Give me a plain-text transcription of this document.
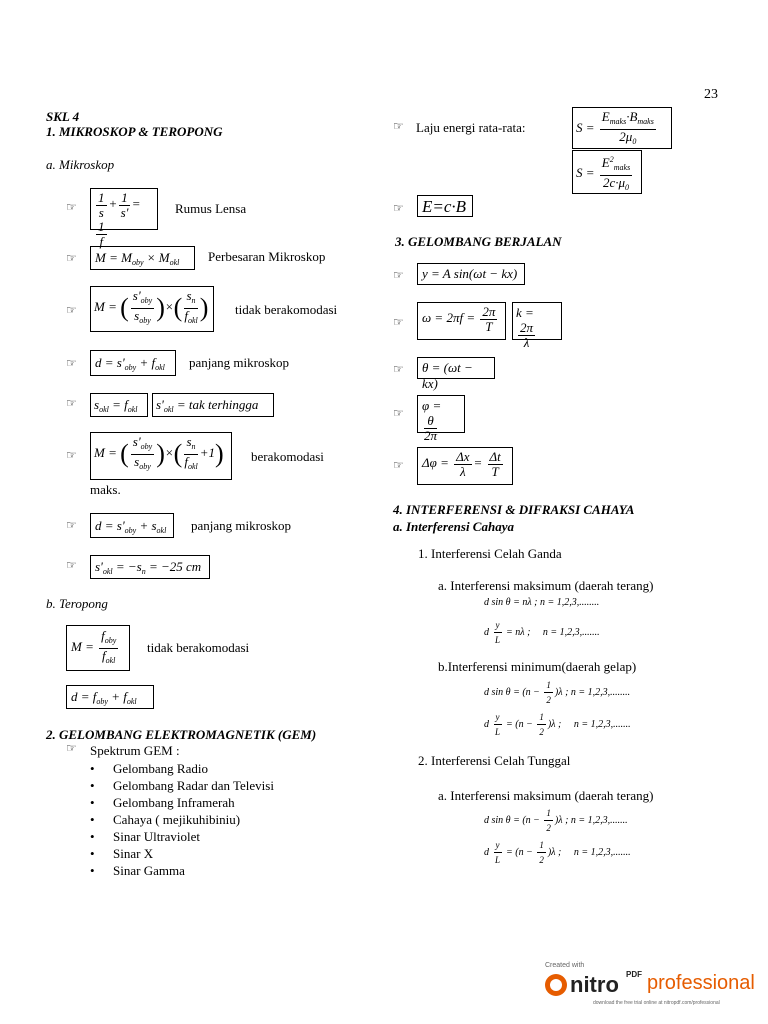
23
SKL 4
1. MIKROSKOP & TEROPONG
a. Mikroskop
☞ $\frac{1}{s} + \frac{1}{s'}$ =
$\frac{1}{f}$
Rumus Lensa
☞	$M = M_{oby} \times M_{okl}$	Perbesaran Mikroskop
☞	M = ( $\frac{s'_{oby}}{s_{oby}}$ )×( $\frac{s_n}{f_{okl}}$ )	tidak berakomodasi
☞	$d = s'_{oby} + f_{okl}$	panjang mikroskop
☞	$s_{okl} = f_{okl}$	$s'_{okl}$ = tak terhingga
☞	M = ( $\frac{s'_{oby}}{s_{oby}}$ )×( $\frac{s_n}{f_{okl}} +1$)	berakomodasi
maks.
☞	$d = s'_{oby} + s_{okl}$	panjang mikroskop
☞	$s'_{okl} = -s_n = -25$ cm
b. Teropong
$M = \frac{f_{oby}}{f_{okl}}$ tidak berakomodasi
$d = f_{oby} + f_{okl}$
2. GELOMBANG ELEKTROMAGNETIK (GEM)
☞ Spektrum GEM :
• Gelombang Radio
• Gelombang Radar dan Televisi
• Gelombang Inframerah
• Cahaya ( mejikuhibiniu)
• Sinar Ultraviolet
• Sinar X
• Sinar Gamma
☞ Laju energi rata-rata:	$S = \frac{E_{maks}\cdot B_{maks}}{2\mu_0}$
$S = \frac{E^2_{maks}}{2c\cdot\mu_0}$
☞ E=c·B
3. GELOMBANG BERJALAN
☞	y = A sin(ωt − kx)
☞	$\omega = 2\pi f = \frac{2\pi}{T}$	k =
$\frac{2\pi}{\lambda}$
☞	θ = (ωt − kx)
☞	φ =
$\frac{\theta}{2\pi}$
☞	$\Delta\varphi = \frac{\Delta x}{\lambda} = \frac{\Delta t}{T}$
4. INTERFERENSI & DIFRAKSI CAHAYA
a. Interferensi Cahaya
1. Interferensi Celah Ganda
a. Interferensi maksimum (daerah terang)
d sin θ = nλ ; n = 1,2,3,........
d $\frac{y}{L} = n\lambda$ ;     n = 1,2,3,.......
b.Interferensi minimum(daerah gelap)
d $\sin \theta = (n - \frac{1}{2} )\lambda$ ; n = 1,2,3,........
d $\frac{y}{L} = (n - \frac{1}{2} )\lambda$ ;     n = 1,2,3,.......
2. Interferensi Celah Tunggal
a. Interferensi maksimum (daerah terang)
d $\sin \theta = (n - \frac{1}{2} )\lambda$ ; n = 1,2,3,.......
d $\frac{y}{L} = (n - \frac{1}{2} )\lambda$ ;     n = 1,2,3,.......
Created with
nitro PDF professional
download the free trial online at nitropdf.com/professional
